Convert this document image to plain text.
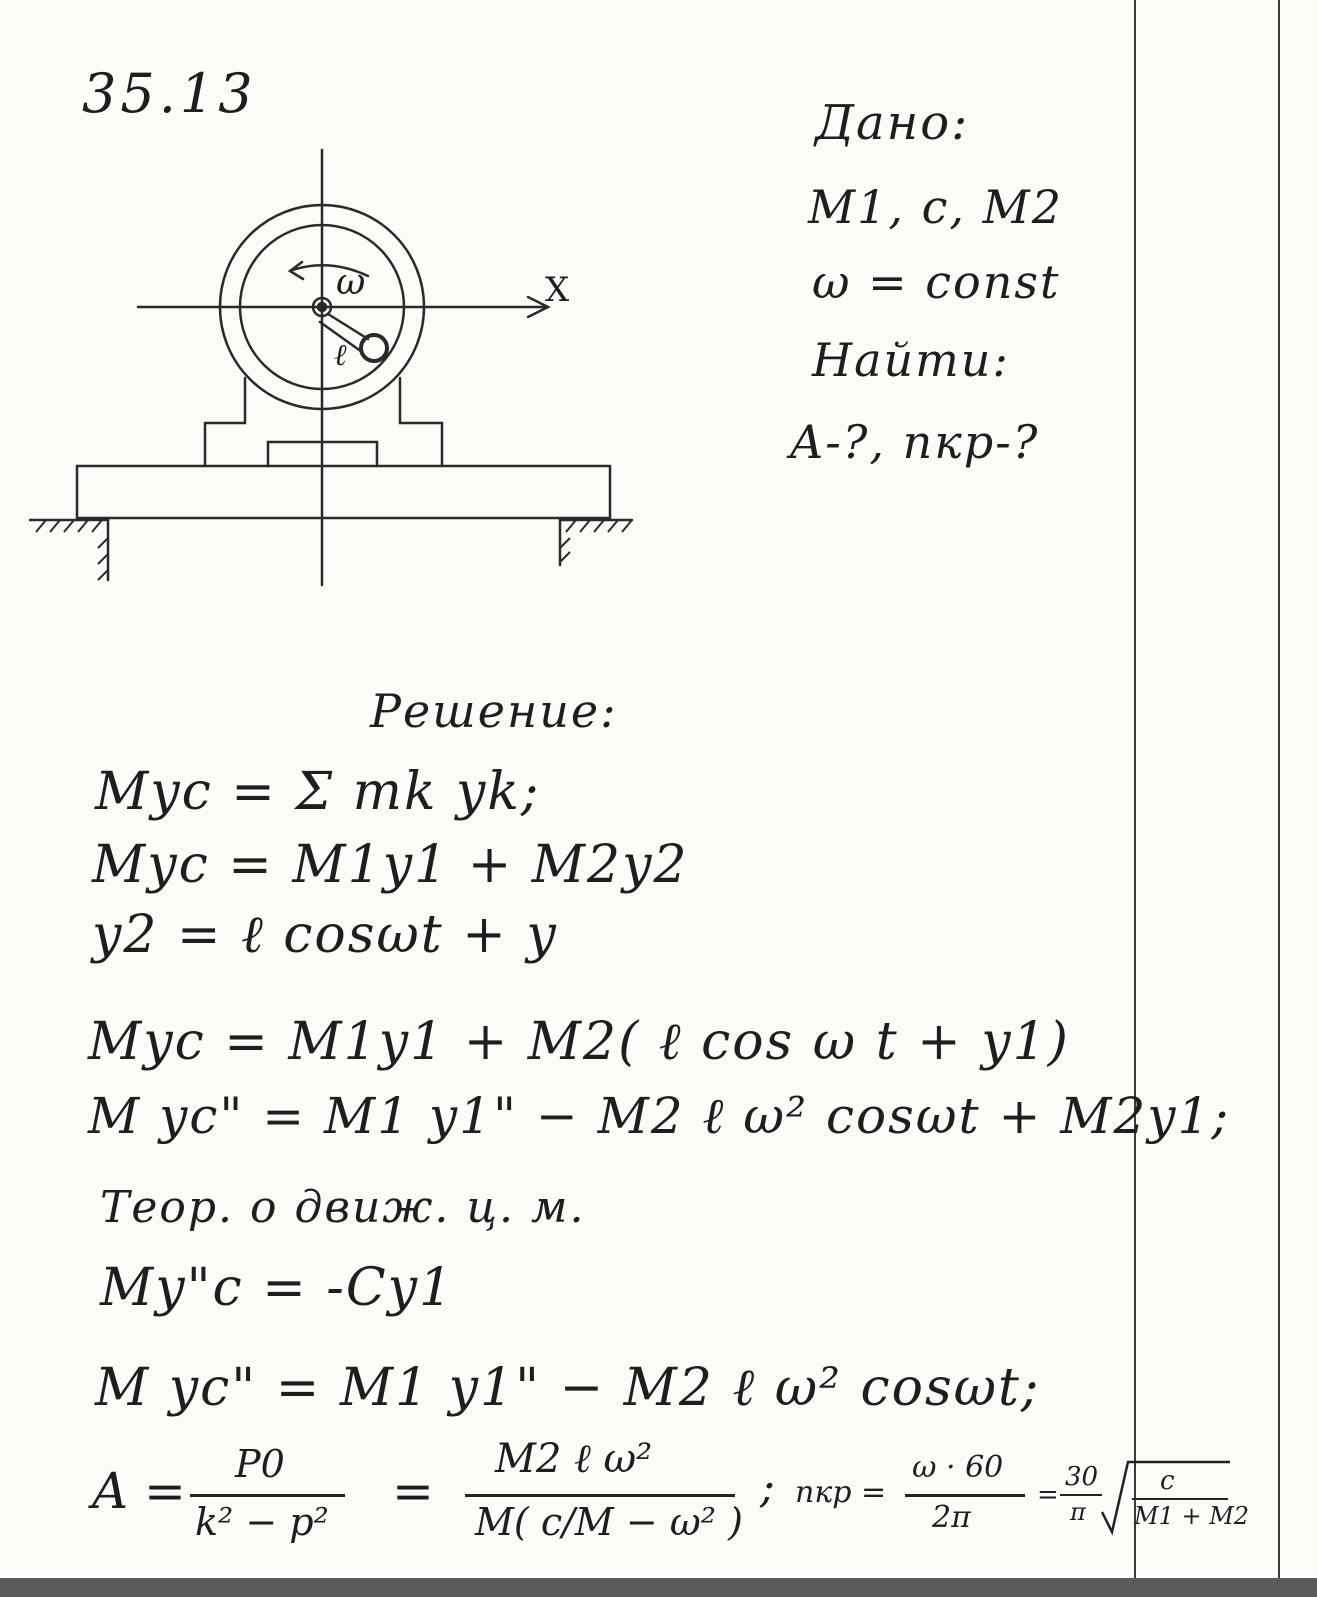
X
ω
ℓ
35.13	Дано:
M1, c, M2
ω = const
Найти:
A-?, nкр-?
Решение:
Myc = Σ mk yk;
Myc = M1y1 + M2y2
y2 = ℓ cosωt + y
Myc = M1y1 + M2( ℓ cos ω t + y1)
M yc" = M1 y1" − M2 ℓ ω² cosωt + M2y1;
Теор. о движ. ц. м.
My"c = -Cy1
M yc" = M1 y1" − M2 ℓ ω² cosωt;
A = P0
k² − p²
=
M2 ℓ ω²
M( c/M − ω² )
; nкр =
ω · 60
2π
=
30
π
c
M1 + M2
